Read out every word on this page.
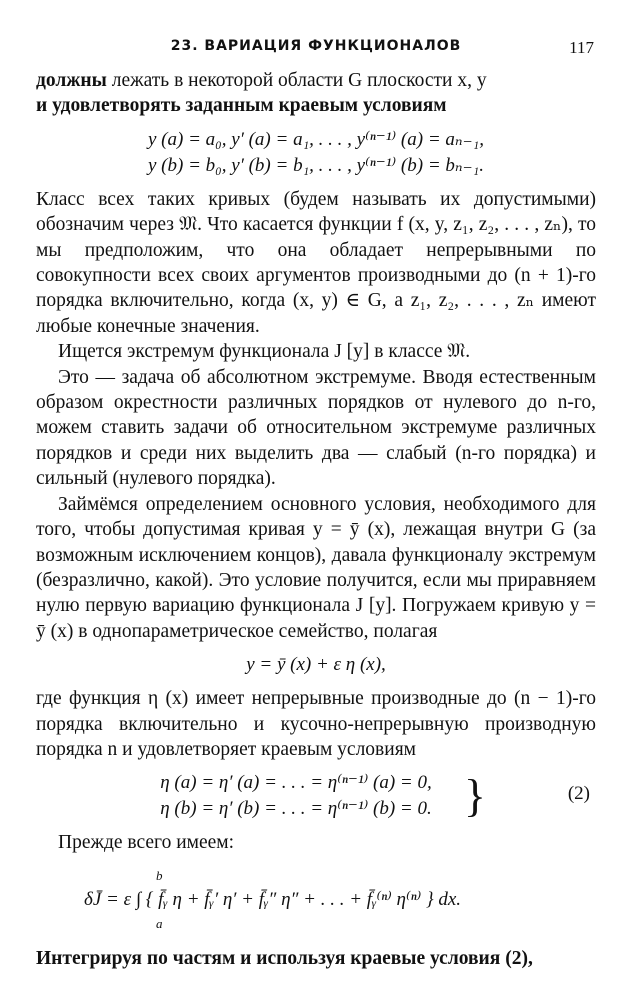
23. ВАРИАЦИЯ ФУНКЦИОНАЛОВ	117

должны лежать в некоторой области G плоскости x, y
и удовлетворять заданным краевым условиям

y (a) = a₀, y′ (a) = a₁, . . . , y⁽ⁿ⁻¹⁾ (a) = aₙ₋₁,
y (b) = b₀, y′ (b) = b₁, . . . , y⁽ⁿ⁻¹⁾ (b) = bₙ₋₁.

Класс всех таких кривых (будем называть их допустимыми) обозначим через 𝔐. Что касается функции f (x, y, z₁, z₂, . . . , zₙ), то мы предположим, что она обладает непрерывными по совокупности всех своих аргументов производными до (n + 1)-го порядка включительно, когда (x, y) ∈ G, а z₁, z₂, . . . , zₙ имеют любые конечные значения.

Ищется экстремум функционала J [y] в классе 𝔐.

Это — задача об абсолютном экстремуме. Вводя естественным образом окрестности различных порядков от нулевого до n-го, можем ставить задачи об относительном экстремуме различных порядков и среди них выделить два — слабый (n-го порядка) и сильный (нулевого порядка).

Займёмся определением основного условия, необходимого для того, чтобы допустимая кривая y = ȳ (x), лежащая внутри G (за возможным исключением концов), давала функционалу экстремум (безразлично, какой). Это условие получится, если мы приравняем нулю первую вариацию функционала J [y]. Погружаем кривую y = ȳ (x) в однопараметрическое семейство, полагая

y = ȳ (x) + ε η (x),

где функция η (x) имеет непрерывные производные до (n − 1)-го порядка включительно и кусочно-непрерывную производную порядка n и удовлетворяет краевым условиям

η (a) = η′ (a) = . . . = η⁽ⁿ⁻¹⁾ (a) = 0,
η (b) = η′ (b) = . . . = η⁽ⁿ⁻¹⁾ (b) = 0. }	(2)

Прежде всего имеем:

b
δJ̄ = ε ∫ { f̄ᵧ η + f̄ᵧ′ η′ + f̄ᵧ″ η″ + . . . + f̄ᵧ⁽ⁿ⁾ η⁽ⁿ⁾ } dx.
a

Интегрируя по частям и используя краевые условия (2),
